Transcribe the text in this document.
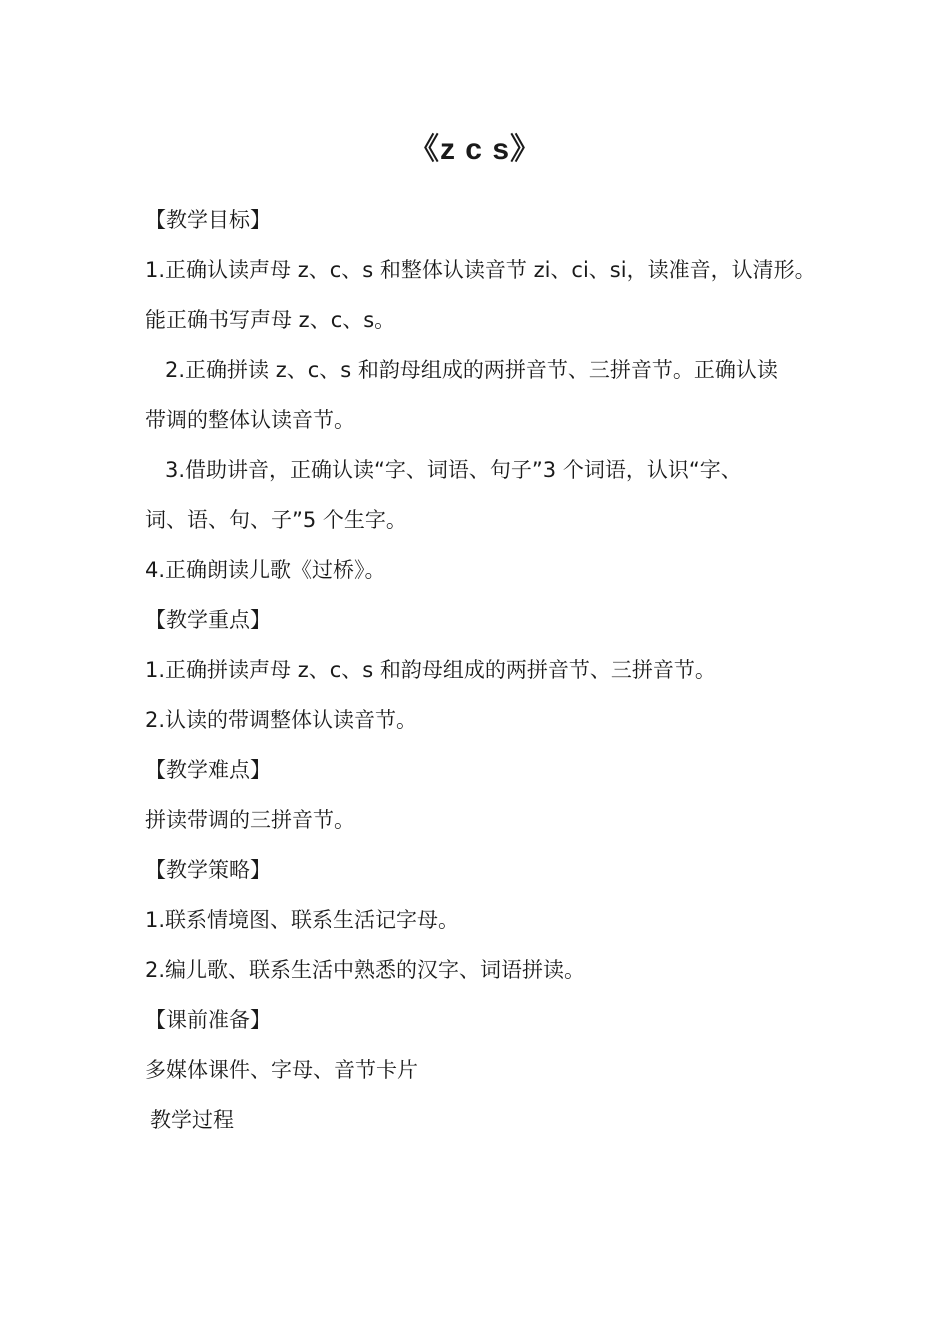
《z c s》
【教学目标】
1.正确认读声母 z、c、s 和整体认读音节 zi、ci、si，读准音，认清形。
能正确书写声母 z、c、s。
2.正确拼读 z、c、s 和韵母组成的两拼音节、三拼音节。正确认读
带调的整体认读音节。
3.借助讲音，正确认读“字、词语、句子”3 个词语，认识“字、
词、语、句、子”5 个生字。
4.正确朗读儿歌《过桥》。
【教学重点】
1.正确拼读声母 z、c、s 和韵母组成的两拼音节、三拼音节。
2.认读的带调整体认读音节。
【教学难点】
拼读带调的三拼音节。
【教学策略】
1.联系情境图、联系生活记字母。
2.编儿歌、联系生活中熟悉的汉字、词语拼读。
【课前准备】
多媒体课件、字母、音节卡片
教学过程
